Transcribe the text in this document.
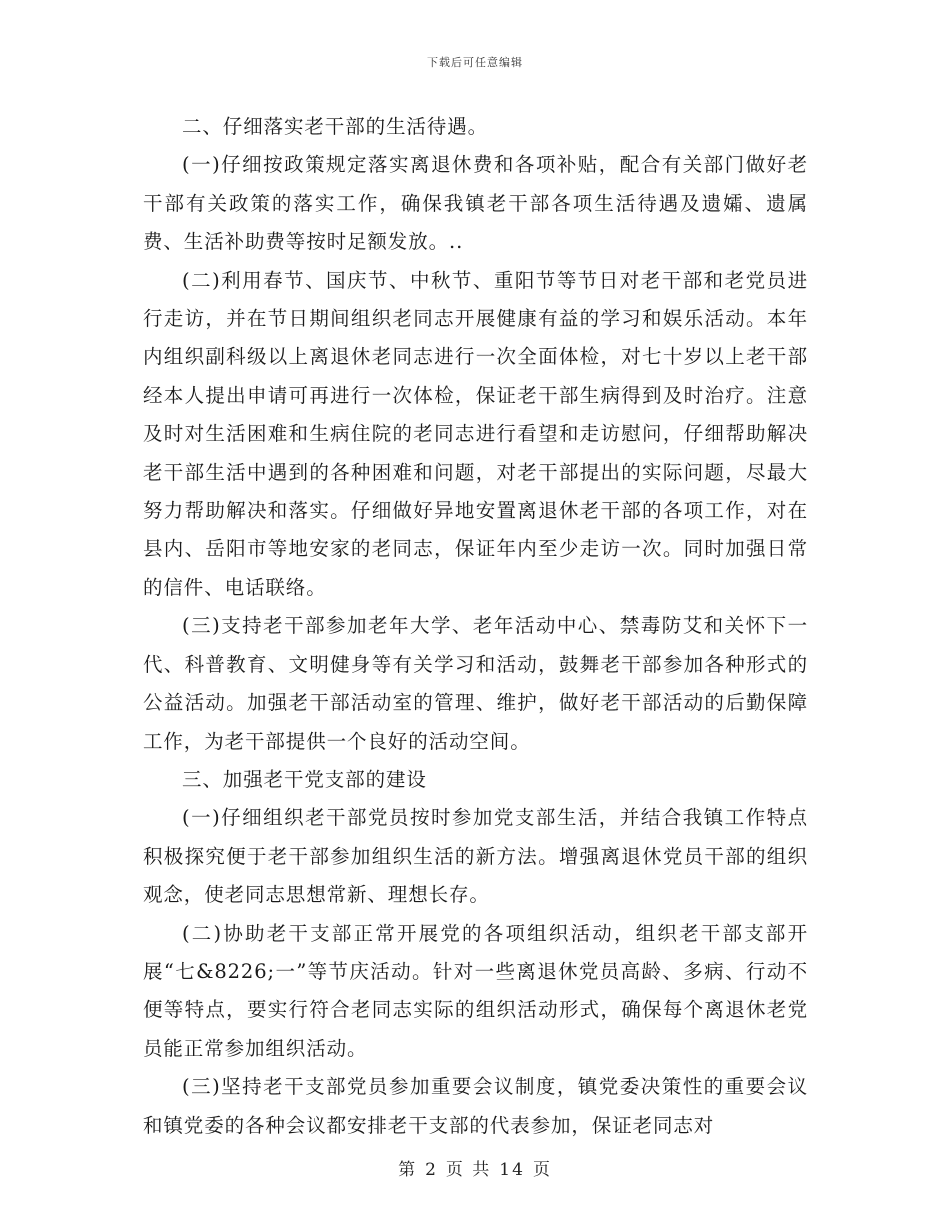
下载后可任意编辑

二、仔细落实老干部的生活待遇。

(一)仔细按政策规定落实离退休费和各项补贴，配合有关部门做好老干部有关政策的落实工作，确保我镇老干部各项生活待遇及遗孀、遗属费、生活补助费等按时足额发放。..

(二)利用春节、国庆节、中秋节、重阳节等节日对老干部和老党员进行走访，并在节日期间组织老同志开展健康有益的学习和娱乐活动。本年内组织副科级以上离退休老同志进行一次全面体检，对七十岁以上老干部经本人提出申请可再进行一次体检，保证老干部生病得到及时治疗。注意及时对生活困难和生病住院的老同志进行看望和走访慰问，仔细帮助解决老干部生活中遇到的各种困难和问题，对老干部提出的实际问题，尽最大努力帮助解决和落实。仔细做好异地安置离退休老干部的各项工作，对在县内、岳阳市等地安家的老同志，保证年内至少走访一次。同时加强日常的信件、电话联络。

(三)支持老干部参加老年大学、老年活动中心、禁毒防艾和关怀下一代、科普教育、文明健身等有关学习和活动，鼓舞老干部参加各种形式的公益活动。加强老干部活动室的管理、维护，做好老干部活动的后勤保障工作，为老干部提供一个良好的活动空间。

三、加强老干党支部的建设

(一)仔细组织老干部党员按时参加党支部生活，并结合我镇工作特点积极探究便于老干部参加组织生活的新方法。增强离退休党员干部的组织观念，使老同志思想常新、理想长存。

(二)协助老干支部正常开展党的各项组织活动，组织老干部支部开展“七&8226;一”等节庆活动。针对一些离退休党员高龄、多病、行动不便等特点，要实行符合老同志实际的组织活动形式，确保每个离退休老党员能正常参加组织活动。

(三)坚持老干支部党员参加重要会议制度，镇党委决策性的重要会议和镇党委的各种会议都安排老干支部的代表参加，保证老同志对

第 2 页 共 14 页
